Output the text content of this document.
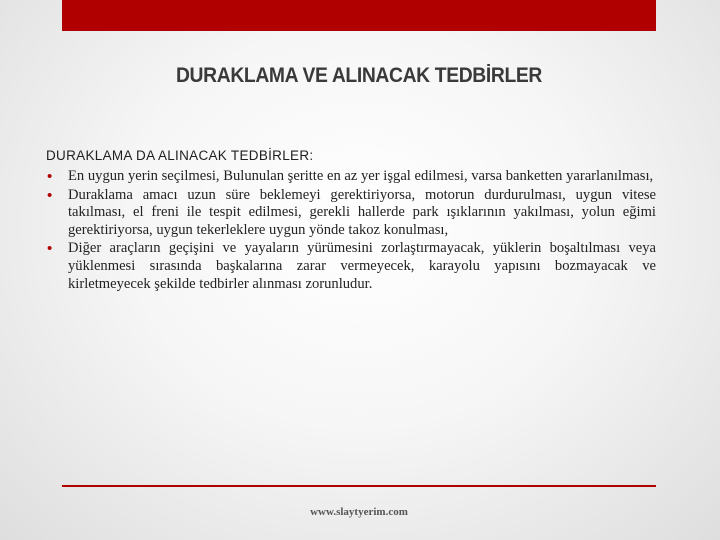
DURAKLAMA VE ALINACAK TEDBİRLER

DURAKLAMA DA ALINACAK TEDBİRLER:

• En uygun yerin seçilmesi, Bulunulan şeritte en az yer işgal edilmesi, varsa banketten yararlanılması,
• Duraklama amacı uzun süre beklemeyi gerektiriyorsa, motorun durdurulması, uygun vitese takılması, el freni ile tespit edilmesi, gerekli hallerde park ışıklarının yakılması, yolun eğimi gerektiriyorsa, uygun tekerleklere uygun yönde takoz konulması,
• Diğer araçların geçişini ve yayaların yürümesini zorlaştırmayacak, yüklerin boşaltılması veya yüklenmesi sırasında başkalarına zarar vermeyecek, karayolu yapısını bozmayacak ve kirletmeyecek şekilde tedbirler alınması zorunludur.
www.slaytyerim.com
